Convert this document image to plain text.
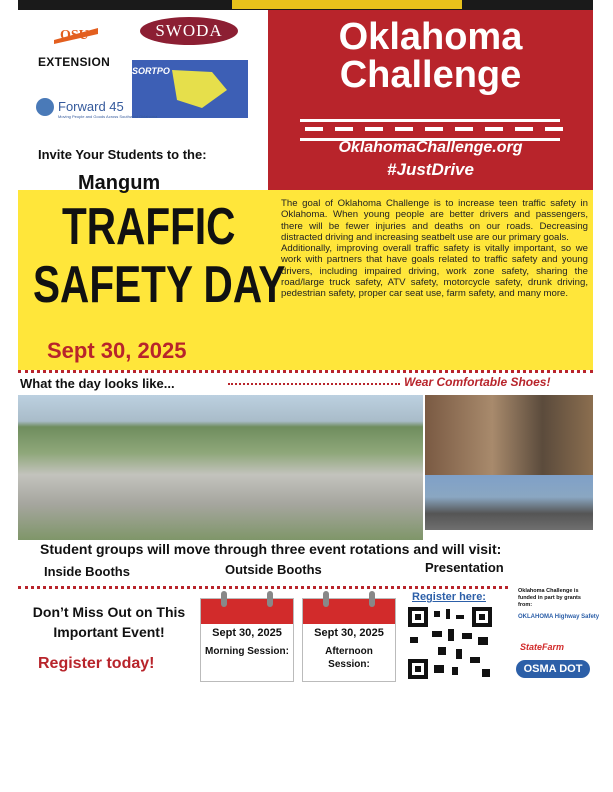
OSU
EXTENSION
SWODA
SORTPO
Forward 45
Moving People and Goods Across Southwest Oklahoma
Oklahoma
Challenge
OklahomaChallenge.org
#JustDrive
Invite Your Students to the:
Mangum
TRAFFIC
SAFETY DAY
Sept 30, 2025

The goal of Oklahoma Challenge is to increase teen traffic safety in Oklahoma. When young people are better drivers and passengers, there will be fewer injuries and deaths on our roads. Decreasing distracted driving and increasing seatbelt use are our primary goals.

Additionally, improving overall traffic safety is vitally important, so we work with partners that have goals related to traffic safety and young drivers, including impaired driving, work zone safety, sharing the road/large truck safety, ATV safety, motorcycle safety, drunk driving, pedestrian safety, proper car seat use, farm safety, and many more.

What the day looks like...	Wear Comfortable Shoes!
Student groups will move through three event rotations and will visit:
Inside Booths	Outside Booths	Presentation
Don’t Miss Out on This Important Event!
Register today!
Sept 30, 2025
Morning Session:
Sept 30, 2025
Afternoon Session:
Register here:	Oklahoma Challenge is funded in part by grants from:
OKLAHOMA Highway Safety
StateFarm
OSMA DOT
